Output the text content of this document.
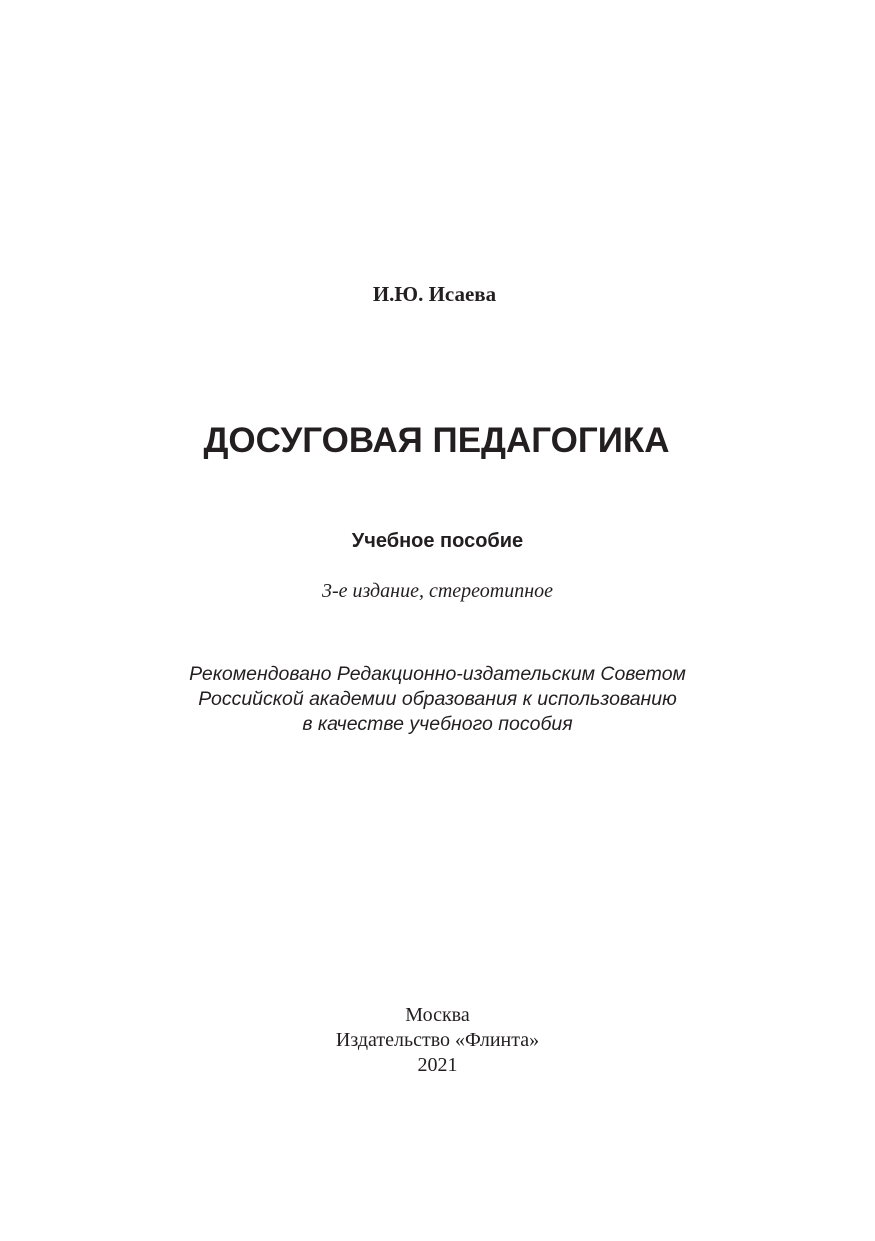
И.Ю. Исаева
ДОСУГОВАЯ ПЕДАГОГИКА
Учебное пособие
3-е издание, стереотипное
Рекомендовано Редакционно-издательским Советом
Российской академии образования к использованию
в качестве учебного пособия
Москва
Издательство «Флинта»
2021
